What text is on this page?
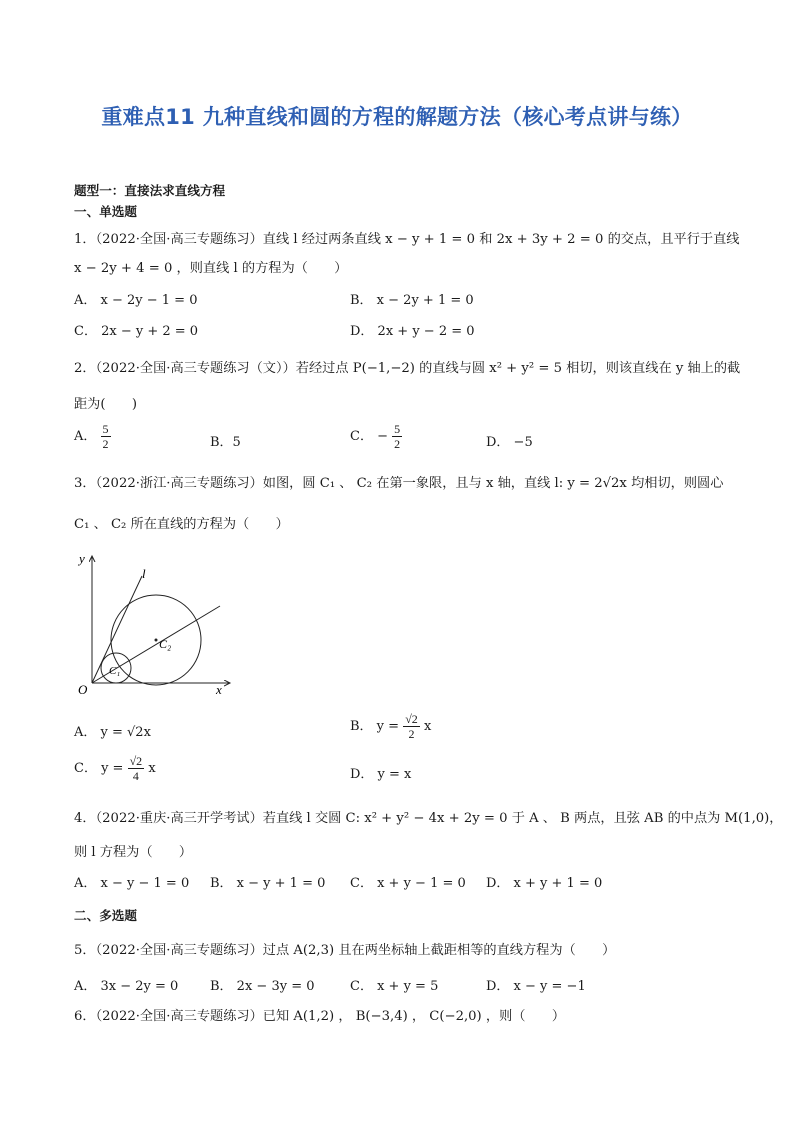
重难点11 九种直线和圆的方程的解题方法（核心考点讲与练）
题型一：直接法求直线方程
一、单选题
1．（2022·全国·高三专题练习）直线 l 经过两条直线 x − y + 1 = 0 和 2x + 3y + 2 = 0 的交点，且平行于直线
x − 2y + 4 = 0 ，则直线 l 的方程为（　　）
A． x − 2y − 1 = 0	B． x − 2y + 1 = 0
C． 2x − y + 2 = 0	D． 2x + y − 2 = 0
2．（2022·全国·高三专题练习（文））若经过点 P(−1,−2) 的直线与圆 x² + y² = 5 相切，则该直线在 y 轴上的截
距为(　　)
A． $\frac{5}{2}$	B．5	C． − $\frac{5}{2}$	D． −5
3．（2022·浙江·高三专题练习）如图，圆 C₁ 、 C₂ 在第一象限，且与 x 轴，直线 l: y = 2√2x 均相切，则圆心
C₁ 、 C₂ 所在直线的方程为（　　）
y
l
O	x
C₁
C₂
A． y = √2x	B． $y = \frac{√2}{2}$ x
C． $y = \frac{√2}{4}$ x	D． y = x
4．（2022·重庆·高三开学考试）若直线 l 交圆 C: x² + y² − 4x + 2y = 0 于 A 、 B 两点，且弦 AB 的中点为 M(1,0)，
则 l 方程为（　　）
A． x − y − 1 = 0 B． x − y + 1 = 0 C． x + y − 1 = 0 D． x + y + 1 = 0
二、多选题
5．（2022·全国·高三专题练习）过点 A(2,3) 且在两坐标轴上截距相等的直线方程为（　　）
A． 3x − 2y = 0 B． 2x − 3y = 0	C． x + y = 5	D． x − y = −1
6．（2022·全国·高三专题练习）已知 A(1,2) ， B(−3,4) ， C(−2,0) ，则（　　）
